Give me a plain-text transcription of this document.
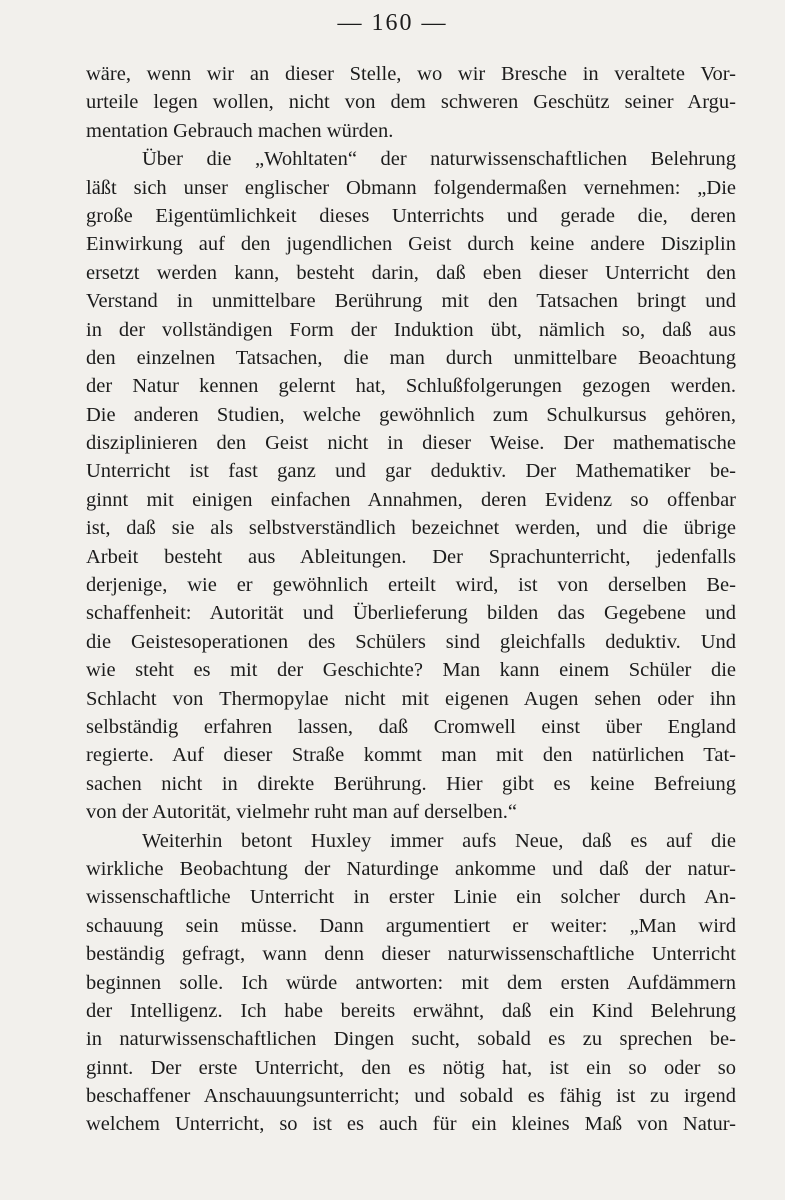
— 160 —
wäre, wenn wir an dieser Stelle, wo wir Bresche in veraltete Vor-
urteile legen wollen, nicht von dem schweren Geschütz seiner Argu-
mentation Gebrauch machen würden.
Über die „Wohltaten“ der naturwissenschaftlichen Belehrung
läßt sich unser englischer Obmann folgendermaßen vernehmen: „Die
große Eigentümlichkeit dieses Unterrichts und gerade die, deren
Einwirkung auf den jugendlichen Geist durch keine andere Disziplin
ersetzt werden kann, besteht darin, daß eben dieser Unterricht den
Verstand in unmittelbare Berührung mit den Tatsachen bringt und
in der vollständigen Form der Induktion übt, nämlich so, daß aus
den einzelnen Tatsachen, die man durch unmittelbare Beoachtung
der Natur kennen gelernt hat, Schlußfolgerungen gezogen werden.
Die anderen Studien, welche gewöhnlich zum Schulkursus gehören,
disziplinieren den Geist nicht in dieser Weise. Der mathematische
Unterricht ist fast ganz und gar deduktiv. Der Mathematiker be-
ginnt mit einigen einfachen Annahmen, deren Evidenz so offenbar
ist, daß sie als selbstverständlich bezeichnet werden, und die übrige
Arbeit besteht aus Ableitungen. Der Sprachunterricht, jedenfalls
derjenige, wie er gewöhnlich erteilt wird, ist von derselben Be-
schaffenheit: Autorität und Überlieferung bilden das Gegebene und
die Geistesoperationen des Schülers sind gleichfalls deduktiv. Und
wie steht es mit der Geschichte? Man kann einem Schüler die
Schlacht von Thermopylae nicht mit eigenen Augen sehen oder ihn
selbständig erfahren lassen, daß Cromwell einst über England
regierte. Auf dieser Straße kommt man mit den natürlichen Tat-
sachen nicht in direkte Berührung. Hier gibt es keine Befreiung
von der Autorität, vielmehr ruht man auf derselben.“
Weiterhin betont Huxley immer aufs Neue, daß es auf die
wirkliche Beobachtung der Naturdinge ankomme und daß der natur-
wissenschaftliche Unterricht in erster Linie ein solcher durch An-
schauung sein müsse. Dann argumentiert er weiter: „Man wird
beständig gefragt, wann denn dieser naturwissenschaftliche Unterricht
beginnen solle. Ich würde antworten: mit dem ersten Aufdämmern
der Intelligenz. Ich habe bereits erwähnt, daß ein Kind Belehrung
in naturwissenschaftlichen Dingen sucht, sobald es zu sprechen be-
ginnt. Der erste Unterricht, den es nötig hat, ist ein so oder so
beschaffener Anschauungsunterricht; und sobald es fähig ist zu irgend
welchem Unterricht, so ist es auch für ein kleines Maß von Natur-
